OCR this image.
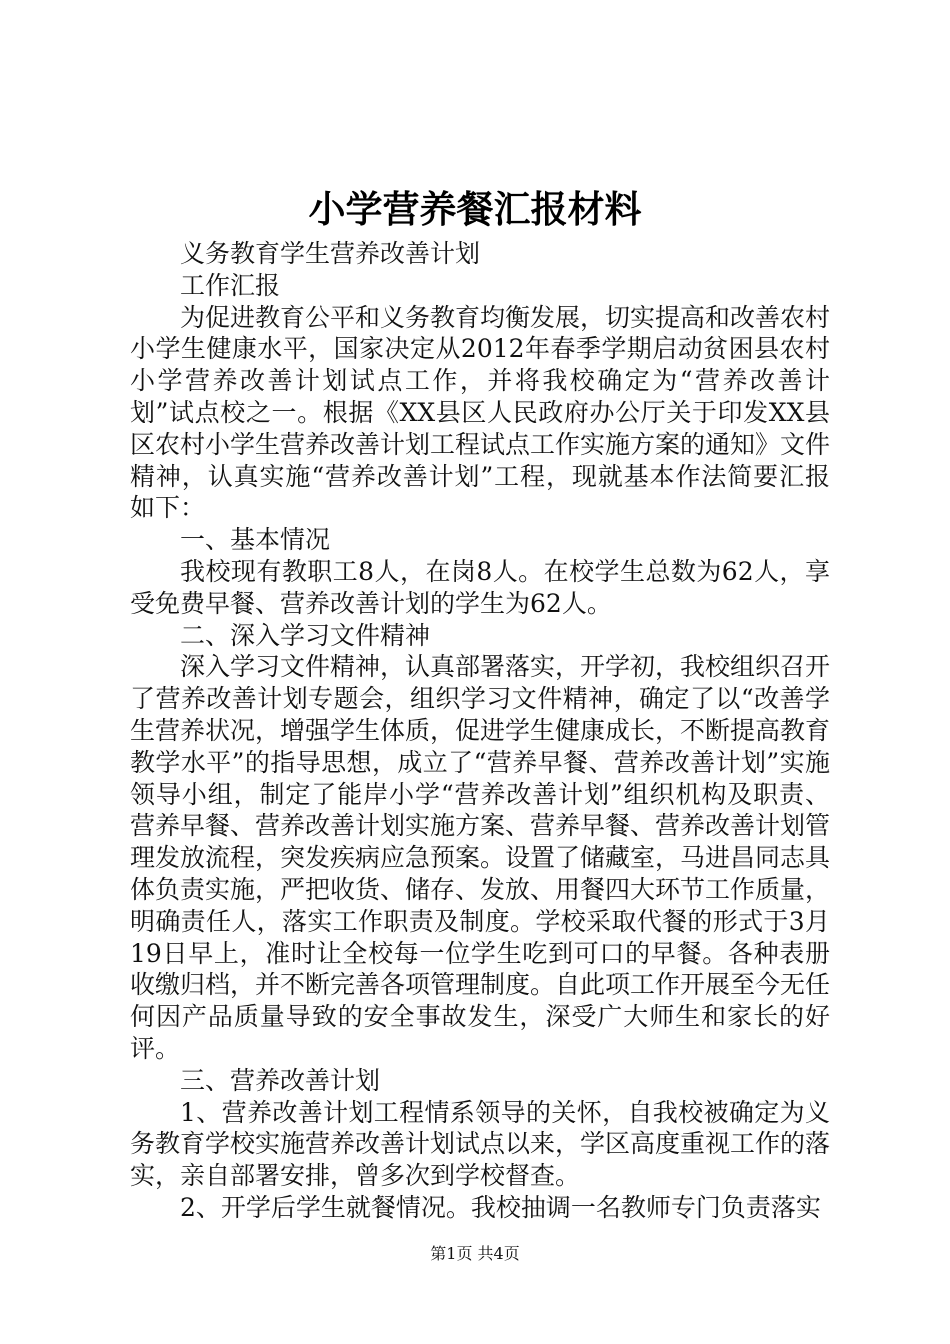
小学营养餐汇报材料

义务教育学生营养改善计划

工作汇报

为促进教育公平和义务教育均衡发展，切实提高和改善农村小学生健康水平，国家决定从2012年春季学期启动贫困县农村小学营养改善计划试点工作，并将我校确定为“营养改善计划”试点校之一。根据《XX县区人民政府办公厅关于印发XX县区农村小学生营养改善计划工程试点工作实施方案的通知》文件精神，认真实施“营养改善计划”工程，现就基本作法简要汇报如下：

一、基本情况

我校现有教职工8人，在岗8人。在校学生总数为62人，享受免费早餐、营养改善计划的学生为62人。

二、深入学习文件精神

深入学习文件精神，认真部署落实，开学初，我校组织召开了营养改善计划专题会，组织学习文件精神，确定了以“改善学生营养状况，增强学生体质，促进学生健康成长，不断提高教育教学水平”的指导思想，成立了“营养早餐、营养改善计划”实施领导小组，制定了能岸小学“营养改善计划”组织机构及职责、营养早餐、营养改善计划实施方案、营养早餐、营养改善计划管理发放流程，突发疾病应急预案。设置了储藏室，马进昌同志具体负责实施，严把收货、储存、发放、用餐四大环节工作质量，明确责任人，落实工作职责及制度。学校采取代餐的形式于3月19日早上，准时让全校每一位学生吃到可口的早餐。各种表册收缴归档，并不断完善各项管理制度。自此项工作开展至今无任何因产品质量导致的安全事故发生，深受广大师生和家长的好评。

三、营养改善计划

1、营养改善计划工程情系领导的关怀，自我校被确定为义务教育学校实施营养改善计划试点以来，学区高度重视工作的落实，亲自部署安排，曾多次到学校督查。

2、开学后学生就餐情况。我校抽调一名教师专门负责落实

第1页 共4页
